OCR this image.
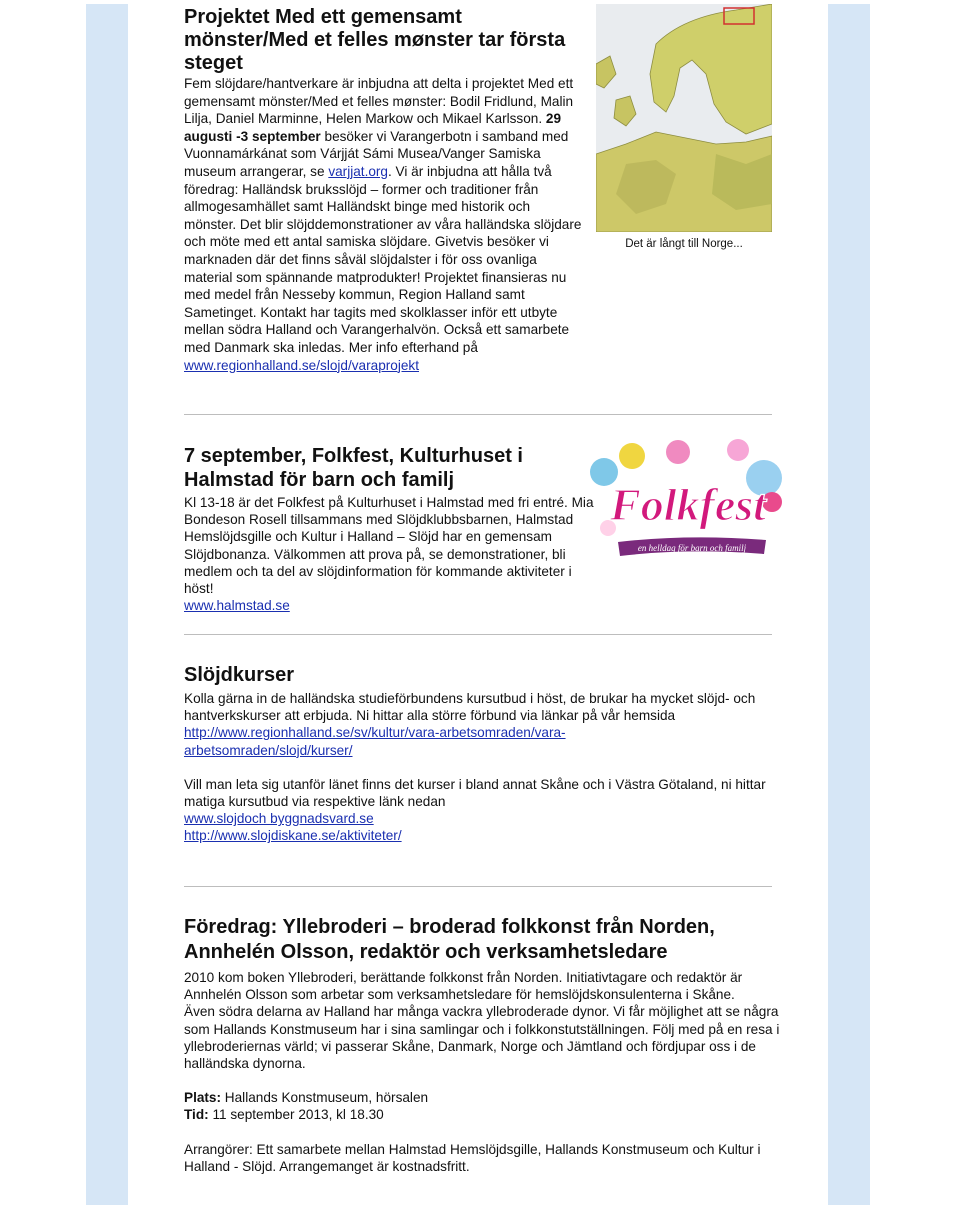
Projektet Med ett gemensamt mönster/Med et felles mønster tar första steget

Fem slöjdare/hantverkare är inbjudna att delta i projektet Med ett gemensamt mönster/Med et felles mønster: Bodil Fridlund, Malin Lilja, Daniel Marminne, Helen Markow och Mikael Karlsson. 29 augusti -3 september besöker vi Varangerbotn i samband med Vuonnamárkánat som Várjját Sámi Musea/Vanger Samiska museum arrangerar, se varjjat.org. Vi är inbjudna att hålla två föredrag: Halländsk bruksslöjd – former och traditioner från allmogesamhället samt Halländskt binge med historik och mönster. Det blir slöjddemonstrationer av våra halländska slöjdare och möte med ett antal samiska slöjdare. Givetvis besöker vi marknaden där det finns såväl slöjdalster i för oss ovanliga material som spännande matprodukter! Projektet finansieras nu med medel från Nesseby kommun, Region Halland samt Sametinget. Kontakt har tagits med skolklasser inför ett utbyte mellan södra Halland och Varangerhalvön. Också ett samarbete med Danmark ska inledas. Mer info efterhand på www.regionhalland.se/slojd/varaprojekt

Det är långt till Norge...
7 september, Folkfest, Kulturhuset i Halmstad för barn och familj

Kl 13-18 är det Folkfest på Kulturhuset i Halmstad med fri entré. Mia Bondeson Rosell tillsammans med Slöjdklubbsbarnen, Halmstad Hemslöjdsgille och Kultur i Halland – Slöjd har en gemensam Slöjdbonanza. Välkommen att prova på, se demonstrationer, bli medlem och ta del av slöjdinformation för kommande aktiviteter i höst!
www.halmstad.se

Folkfest
en helldag för barn och familj
Slöjdkurser

Kolla gärna in de halländska studieförbundens kursutbud i höst, de brukar ha mycket slöjd- och hantverkskurser att erbjuda. Ni hittar alla större förbund via länkar på vår hemsida
http://www.regionhalland.se/sv/kultur/vara-arbetsomraden/vara-
arbetsomraden/slojd/kurser/

Vill man leta sig utanför länet finns det kurser i bland annat Skåne och i Västra Götaland, ni hittar matiga kursutbud via respektive länk nedan
www.slojdoch byggnadsvard.se
http://www.slojdiskane.se/aktiviteter/

Föredrag: Yllebroderi – broderad folkkonst från Norden, Annhelén Olsson, redaktör och verksamhetsledare

2010 kom boken Yllebroderi, berättande folkkonst från Norden. Initiativtagare och redaktör är Annhelén Olsson som arbetar som verksamhetsledare för hemslöjdskonsulenterna i Skåne.

Även södra delarna av Halland har många vackra yllebroderade dynor. Vi får möjlighet att se några som Hallands Konstmuseum har i sina samlingar och i folkkonstutställningen. Följ med på en resa i yllebroderiernas värld; vi passerar Skåne, Danmark, Norge och Jämtland och fördjupar oss i de halländska dynorna.

Plats: Hallands Konstmuseum, hörsalen
Tid: 11 september 2013, kl 18.30

Arrangörer: Ett samarbete mellan Halmstad Hemslöjdsgille, Hallands Konstmuseum och Kultur i Halland - Slöjd. Arrangemanget är kostnadsfritt.
